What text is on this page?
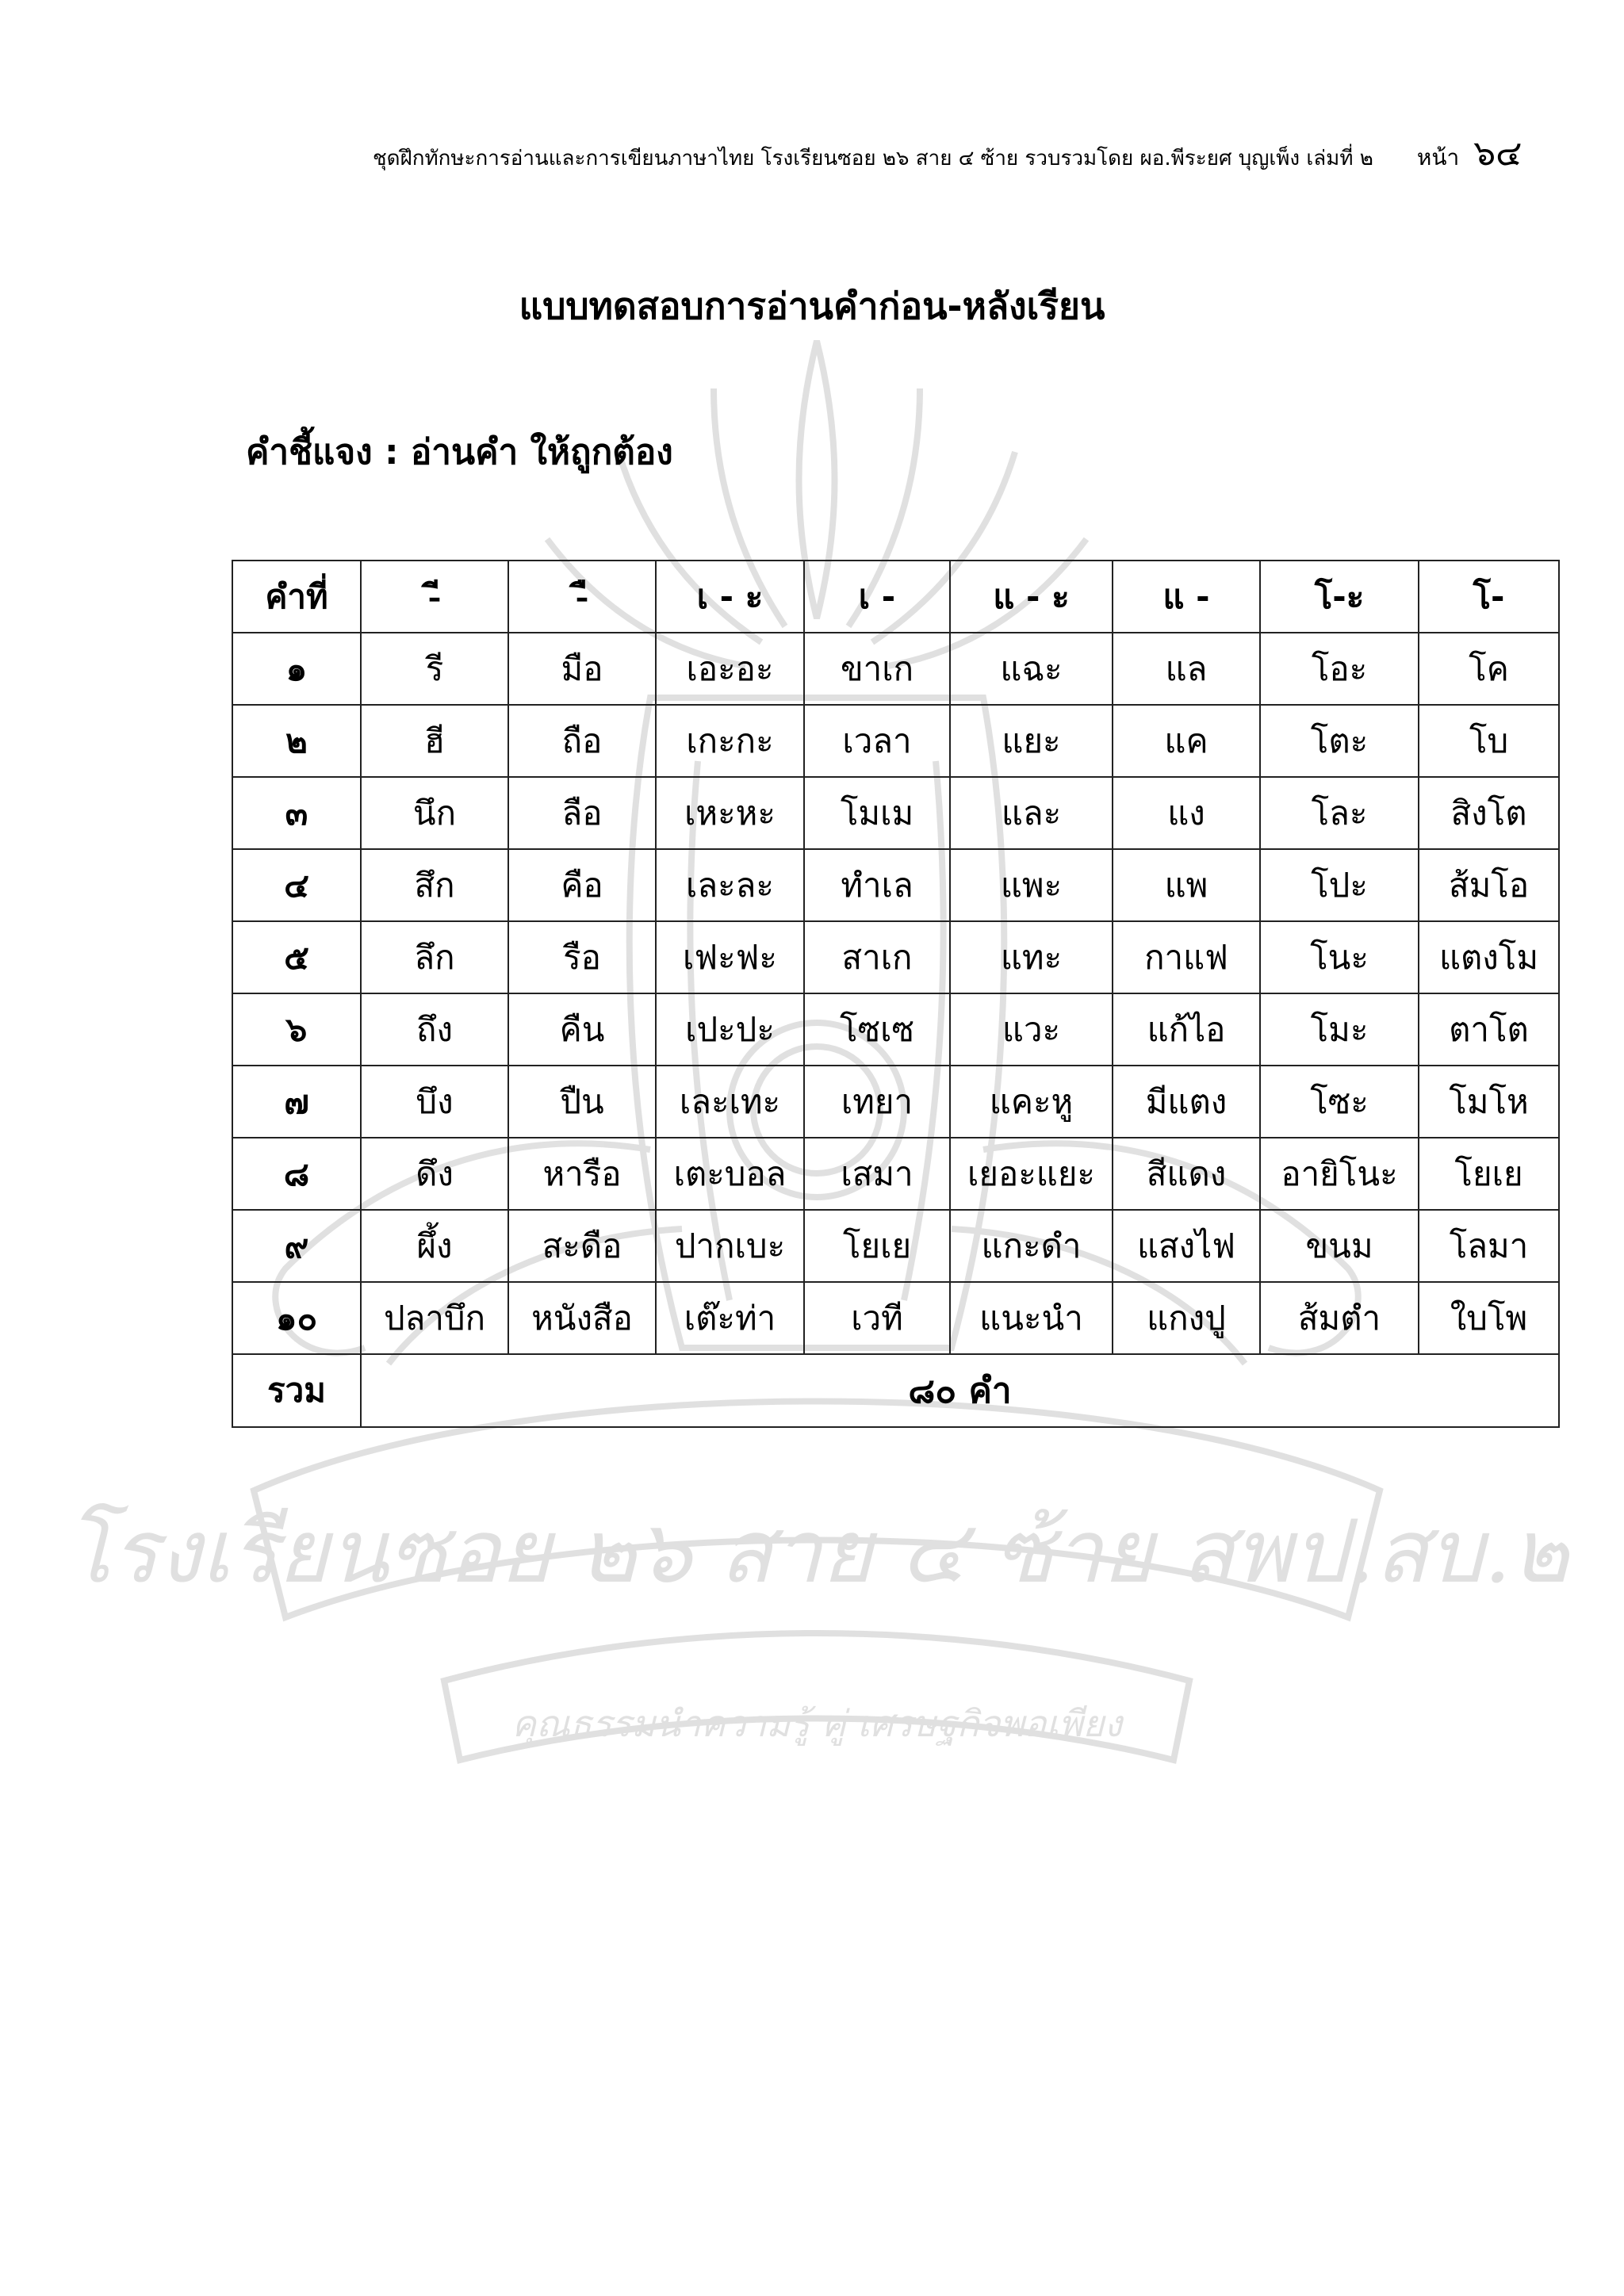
โรงเรียนซอย ๒๖ สาย ๔ ซ้าย สพป.สบ.๒
คุณธรรมนำความรู้ คู่ เศรษฐกิจพอเพียง
ชุดฝึกทักษะการอ่านและการเขียนภาษาไทย โรงเรียนซอย ๒๖ สาย ๔ ซ้าย รวบรวมโดย ผอ.พีระยศ บุญเพ็ง เล่มที่ ๒ หน้า ๖๔
แบบทดสอบการอ่านคำก่อน-หลังเรียน
คำชี้แจง : อ่านคำ ให้ถูกต้อง
คำที่	-ี	-ื	เ - ะ	เ -	แ - ะ	แ -	โ-ะ	โ-
๑	รี	มือ	เอะอะ	ขาเก	แฉะ	แล	โอะ	โค
๒	ฮี	ถือ	เกะกะ	เวลา	แยะ	แค	โตะ	โบ
๓	นึก	ลือ	เหะหะ	โมเม	และ	แง	โละ	สิงโต
๔	สึก	คือ	เละละ	ทำเล	แพะ	แพ	โปะ	ส้มโอ
๕	ลึก	รือ	เฟะฟะ	สาเก	แทะ	กาแฟ	โนะ	แตงโม
๖	ถึง	คืน	เปะปะ	โซเซ	แวะ	แก้ไอ	โมะ	ตาโต
๗	บึง	ปืน	เละเทะ	เทยา	แคะหู	มีแตง	โซะ	โมโห
๘	ดึง	หารือ	เตะบอล	เสมา	เยอะแยะ	สีแดง	อายิโนะ	โยเย
๙	ผึ้ง	สะดือ	ปากเบะ	โยเย	แกะดำ	แสงไฟ	ขนม	โลมา
๑๐	ปลาบึก	หนังสือ	เต๊ะท่า	เวที	แนะนำ	แกงปู	ส้มตำ	ใบโพ
รวม	๘๐ คำ							
